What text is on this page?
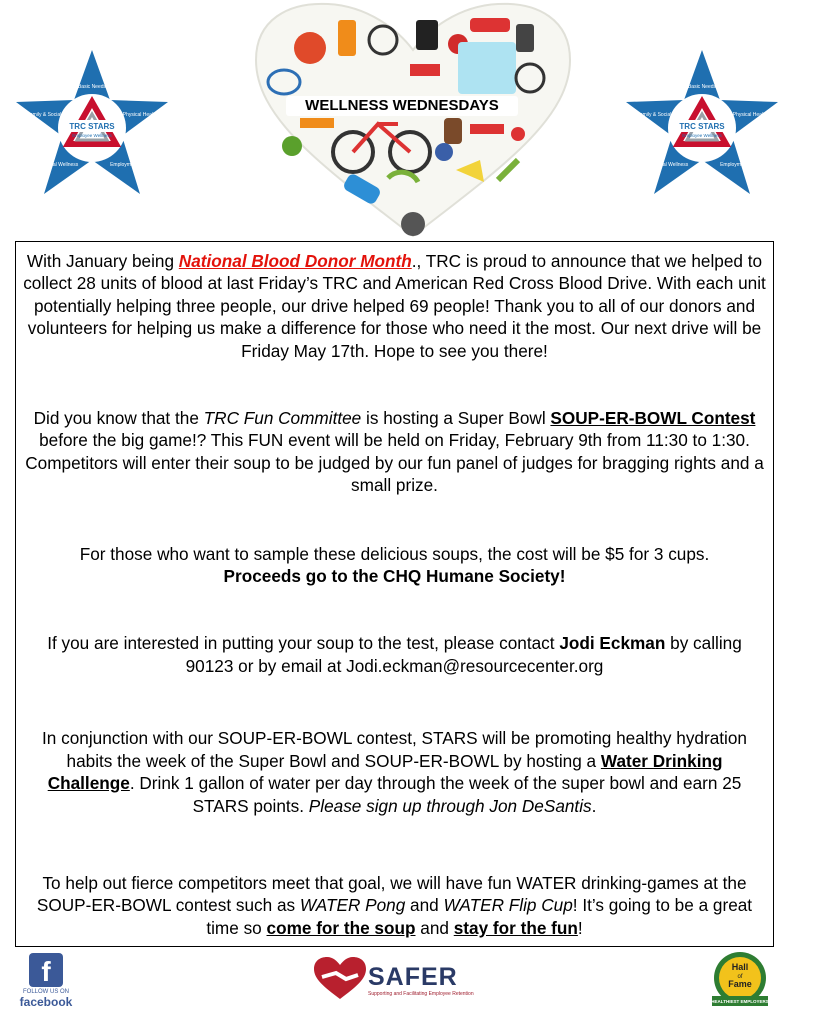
TRC STARS
Employee Wellness
Basic Needs
Physical Health
Employment
Mental Wellness
Family & Social
WELLNESS WEDNESDAYS
TRC STARS
Employee Wellness
Basic Needs
Physical Health
Employment
Mental Wellness
Family & Social

With January being National Blood Donor Month., TRC is proud to announce that we helped to collect 28 units of blood at last Friday’s TRC and American Red Cross Blood Drive. With each unit potentially helping three people, our drive helped 69 people! Thank you to all of our donors and volunteers for helping us make a difference for those who need it the most. Our next drive will be Friday May 17th. Hope to see you there!

Did you know that the TRC Fun Committee is hosting a Super Bowl SOUP-ER-BOWL Contest before the big game!? This FUN event will be held on Friday, February 9th from 11:30 to 1:30. Competitors will enter their soup to be judged by our fun panel of judges for bragging rights and a small prize.

For those who want to sample these delicious soups, the cost will be $5 for 3 cups.
Proceeds go to the CHQ Humane Society!

If you are interested in putting your soup to the test, please contact Jodi Eckman by calling 90123 or by email at Jodi.eckman@resourcecenter.org

In conjunction with our SOUP-ER-BOWL contest, STARS will be promoting healthy hydration habits the week of the Super Bowl and SOUP-ER-BOWL by hosting a Water Drinking Challenge. Drink 1 gallon of water per day through the week of the super bowl and earn 25 STARS points. Please sign up through Jon DeSantis.

To help out fierce competitors meet that goal, we will have fun WATER drinking-games at the SOUP-ER-BOWL contest such as WATER Pong and WATER Flip Cup! It’s going to be a great time so come for the soup and stay for the fun!

f
FOLLOW US ON
facebook
SAFER
Supporting and Facilitating Employee Retention
Hall
of
Fame
HEALTHIEST EMPLOYERS
